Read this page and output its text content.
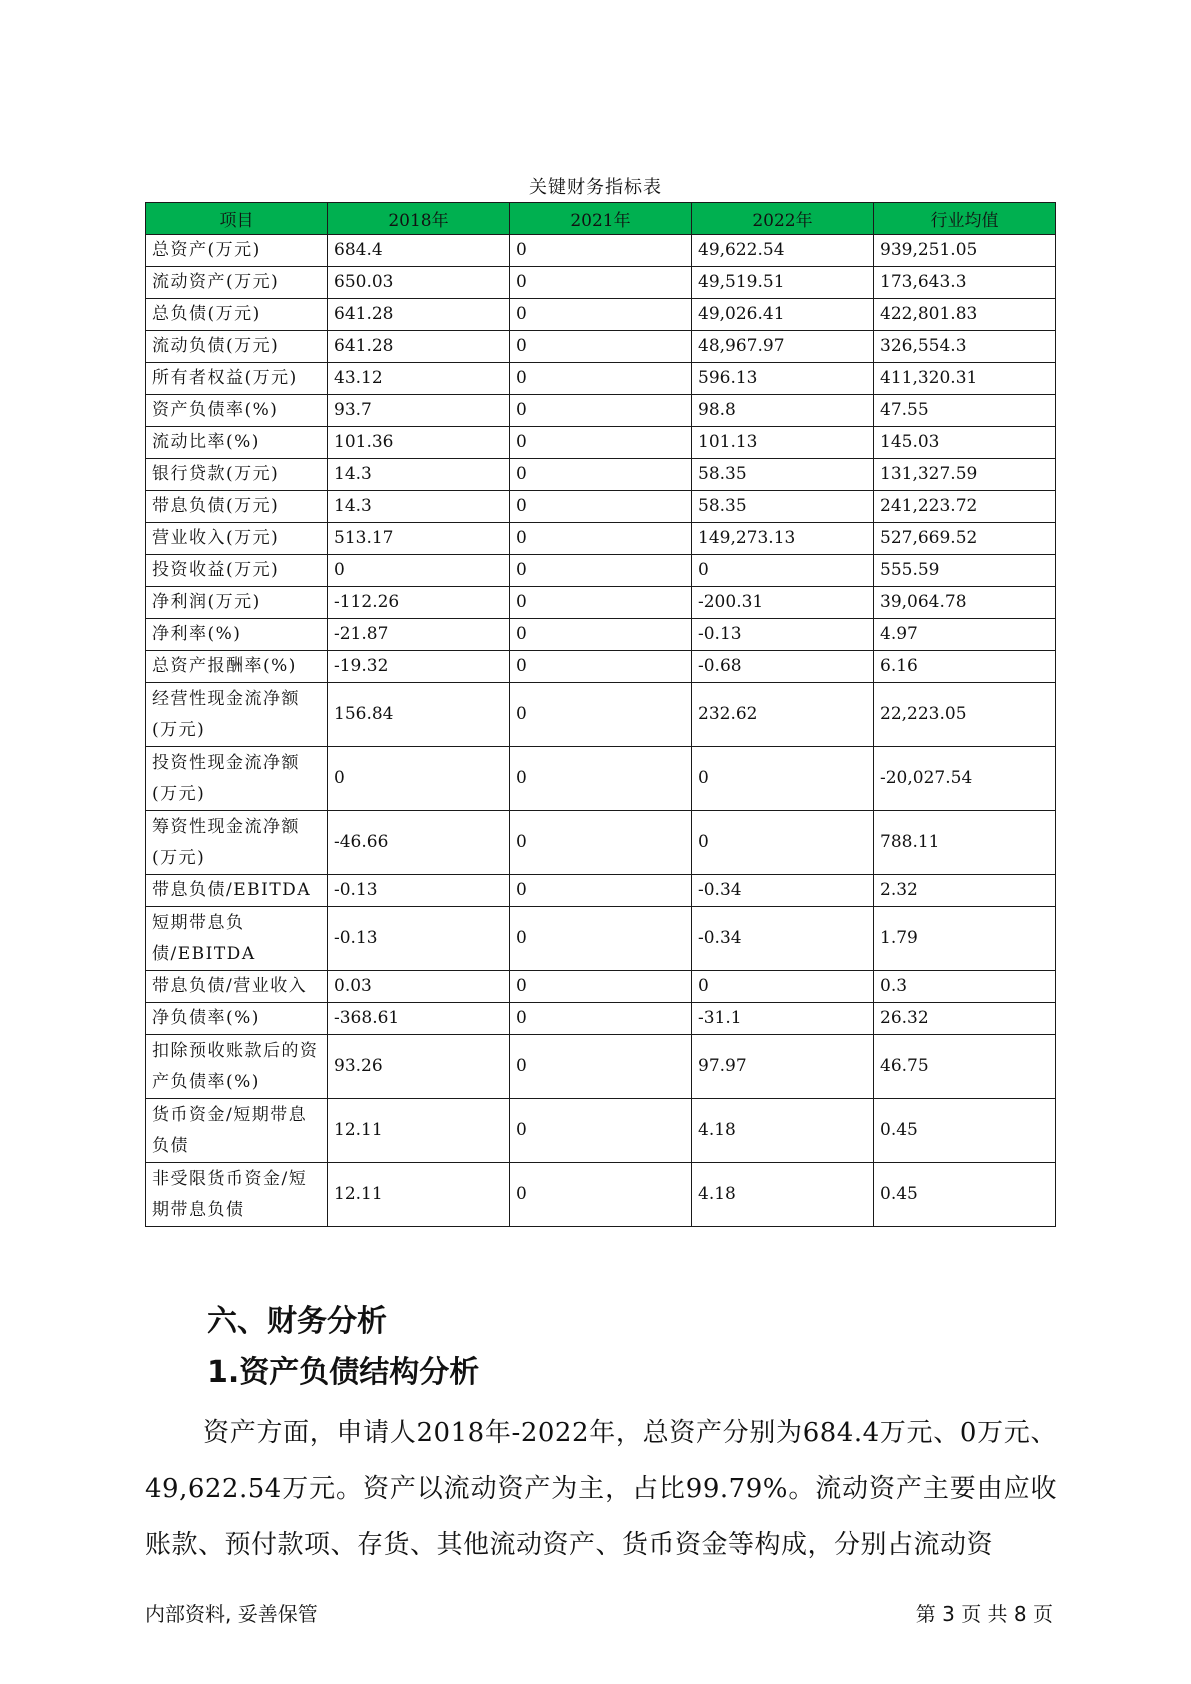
关键财务指标表
项目	2018年	2021年	2022年	行业均值
总资产(万元)	684.4	0	49,622.54	939,251.05
流动资产(万元)	650.03	0	49,519.51	173,643.3
总负债(万元)	641.28	0	49,026.41	422,801.83
流动负债(万元)	641.28	0	48,967.97	326,554.3
所有者权益(万元)	43.12	0	596.13	411,320.31
资产负债率(%)	93.7	0	98.8	47.55
流动比率(%)	101.36	0	101.13	145.03
银行贷款(万元)	14.3	0	58.35	131,327.59
带息负债(万元)	14.3	0	58.35	241,223.72
营业收入(万元)	513.17	0	149,273.13	527,669.52
投资收益(万元)	0	0	0	555.59
净利润(万元)	-112.26	0	-200.31	39,064.78
净利率(%)	-21.87	0	-0.13	4.97
总资产报酬率(%)	-19.32	0	-0.68	6.16
经营性现金流净额(万元)	156.84	0	232.62	22,223.05
投资性现金流净额(万元)	0	0	0	-20,027.54
筹资性现金流净额(万元)	-46.66	0	0	788.11
带息负债/EBITDA	-0.13	0	-0.34	2.32
短期带息负债/EBITDA	-0.13	0	-0.34	1.79
带息负债/营业收入	0.03	0	0	0.3
净负债率(%)	-368.61	0	-31.1	26.32
扣除预收账款后的资产负债率(%)	93.26	0	97.97	46.75
货币资金/短期带息负债	12.11	0	4.18	0.45
非受限货币资金/短期带息负债	12.11	0	4.18	0.45
六、财务分析
1.资产负债结构分析
资产方面，申请人2018年-2022年，总资产分别为684.4万元、0万元、49,622.54万元。资产以流动资产为主，占比99.79%。流动资产主要由应收账款、预付款项、存货、其他流动资产、货币资金等构成，分别占流动资
内部资料, 妥善保管	第 3 页 共 8 页
